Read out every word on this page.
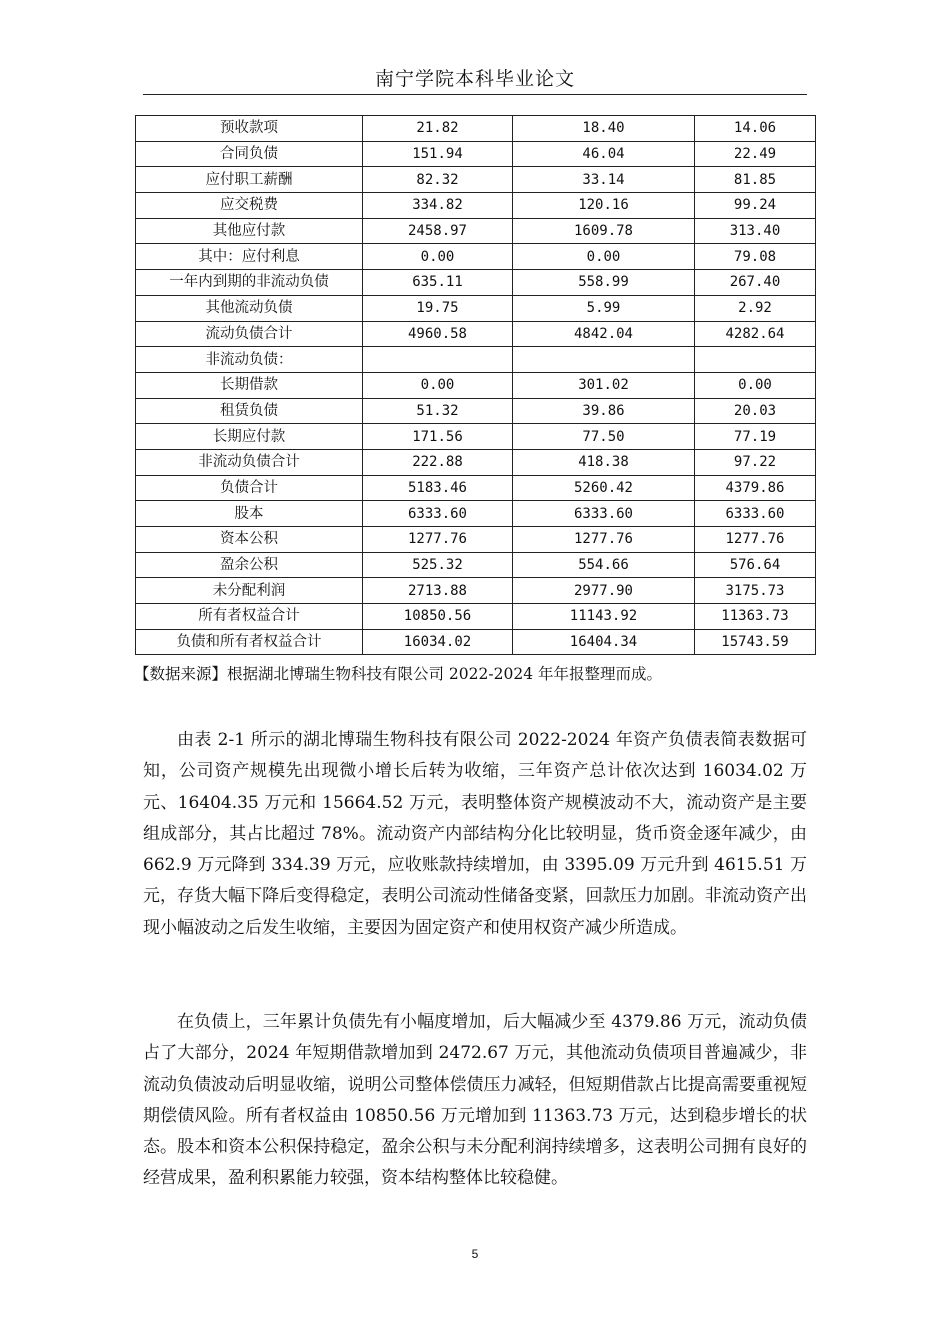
南宁学院本科毕业论文
预收款项	21.82	18.40	14.06
合同负债	151.94	46.04	22.49
应付职工薪酬	82.32	33.14	81.85
应交税费	334.82	120.16	99.24
其他应付款	2458.97	1609.78	313.40
其中：应付利息	0.00	0.00	79.08
一年内到期的非流动负债	635.11	558.99	267.40
其他流动负债	19.75	5.99	2.92
流动负债合计	4960.58	4842.04	4282.64
非流动负债：			
长期借款	0.00	301.02	0.00
租赁负债	51.32	39.86	20.03
长期应付款	171.56	77.50	77.19
非流动负债合计	222.88	418.38	97.22
负债合计	5183.46	5260.42	4379.86
股本	6333.60	6333.60	6333.60
资本公积	1277.76	1277.76	1277.76
盈余公积	525.32	554.66	576.64
未分配利润	2713.88	2977.90	3175.73
所有者权益合计	10850.56	11143.92	11363.73
负债和所有者权益合计	16034.02	16404.34	15743.59
【数据来源】根据湖北博瑞生物科技有限公司 2022-2024 年年报整理而成。

由表 2-1 所示的湖北博瑞生物科技有限公司 2022-2024 年资产负债表简表数据可知，公司资产规模先出现微小增长后转为收缩，三年资产总计依次达到 16034.02 万元、16404.35 万元和 15664.52 万元，表明整体资产规模波动不大，流动资产是主要组成部分，其占比超过 78%。流动资产内部结构分化比较明显，货币资金逐年减少，由 662.9 万元降到 334.39 万元，应收账款持续增加，由 3395.09 万元升到 4615.51 万元，存货大幅下降后变得稳定，表明公司流动性储备变紧，回款压力加剧。非流动资产出现小幅波动之后发生收缩，主要因为固定资产和使用权资产减少所造成。

在负债上，三年累计负债先有小幅度增加，后大幅减少至 4379.86 万元，流动负债占了大部分，2024 年短期借款增加到 2472.67 万元，其他流动负债项目普遍减少，非流动负债波动后明显收缩，说明公司整体偿债压力减轻，但短期借款占比提高需要重视短期偿债风险。所有者权益由 10850.56 万元增加到 11363.73 万元，达到稳步增长的状态。股本和资本公积保持稳定，盈余公积与未分配利润持续增多，这表明公司拥有良好的经营成果，盈利积累能力较强，资本结构整体比较稳健。

5
